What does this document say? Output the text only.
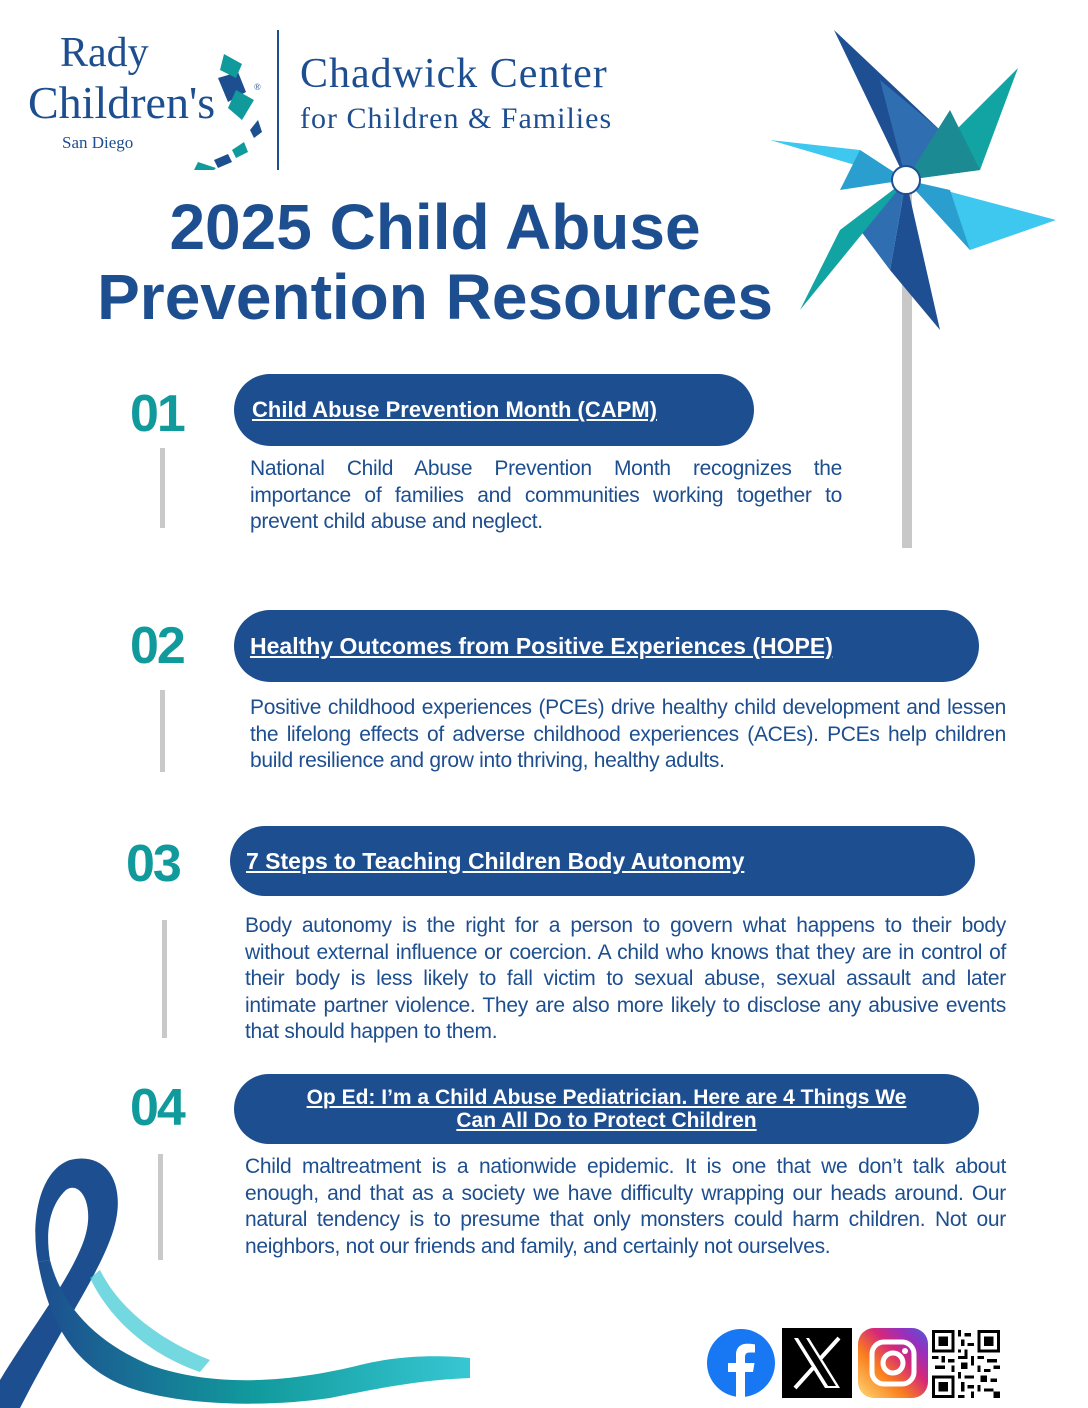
Rady
Children's	®
San Diego
Chadwick Center
for Children & Families
2025 Child Abuse
Prevention Resources
01	Child Abuse Prevention Month (CAPM)
National Child Abuse Prevention Month recognizes the importance of families and communities working together to prevent child abuse and neglect.
02	Healthy Outcomes from Positive Experiences (HOPE)
Positive childhood experiences (PCEs) drive healthy child development and lessen the lifelong effects of adverse childhood experiences (ACEs). PCEs help children build resilience and grow into thriving, healthy adults.
03	7 Steps to Teaching Children Body Autonomy
Body autonomy is the right for a person to govern what happens to their body without external influence or coercion. A child who knows that they are in control of their body is less likely to fall victim to sexual abuse, sexual assault and later intimate partner violence. They are also more likely to disclose any abusive events that should happen to them.
04	Op Ed: I’m a Child Abuse Pediatrician. Here are 4 Things We
Can All Do to Protect Children
Child maltreatment is a nationwide epidemic. It is one that we don’t talk about enough, and that as a society we have difficulty wrapping our heads around. Our natural tendency is to presume that only monsters could harm children. Not our neighbors, not our friends and family, and certainly not ourselves.
